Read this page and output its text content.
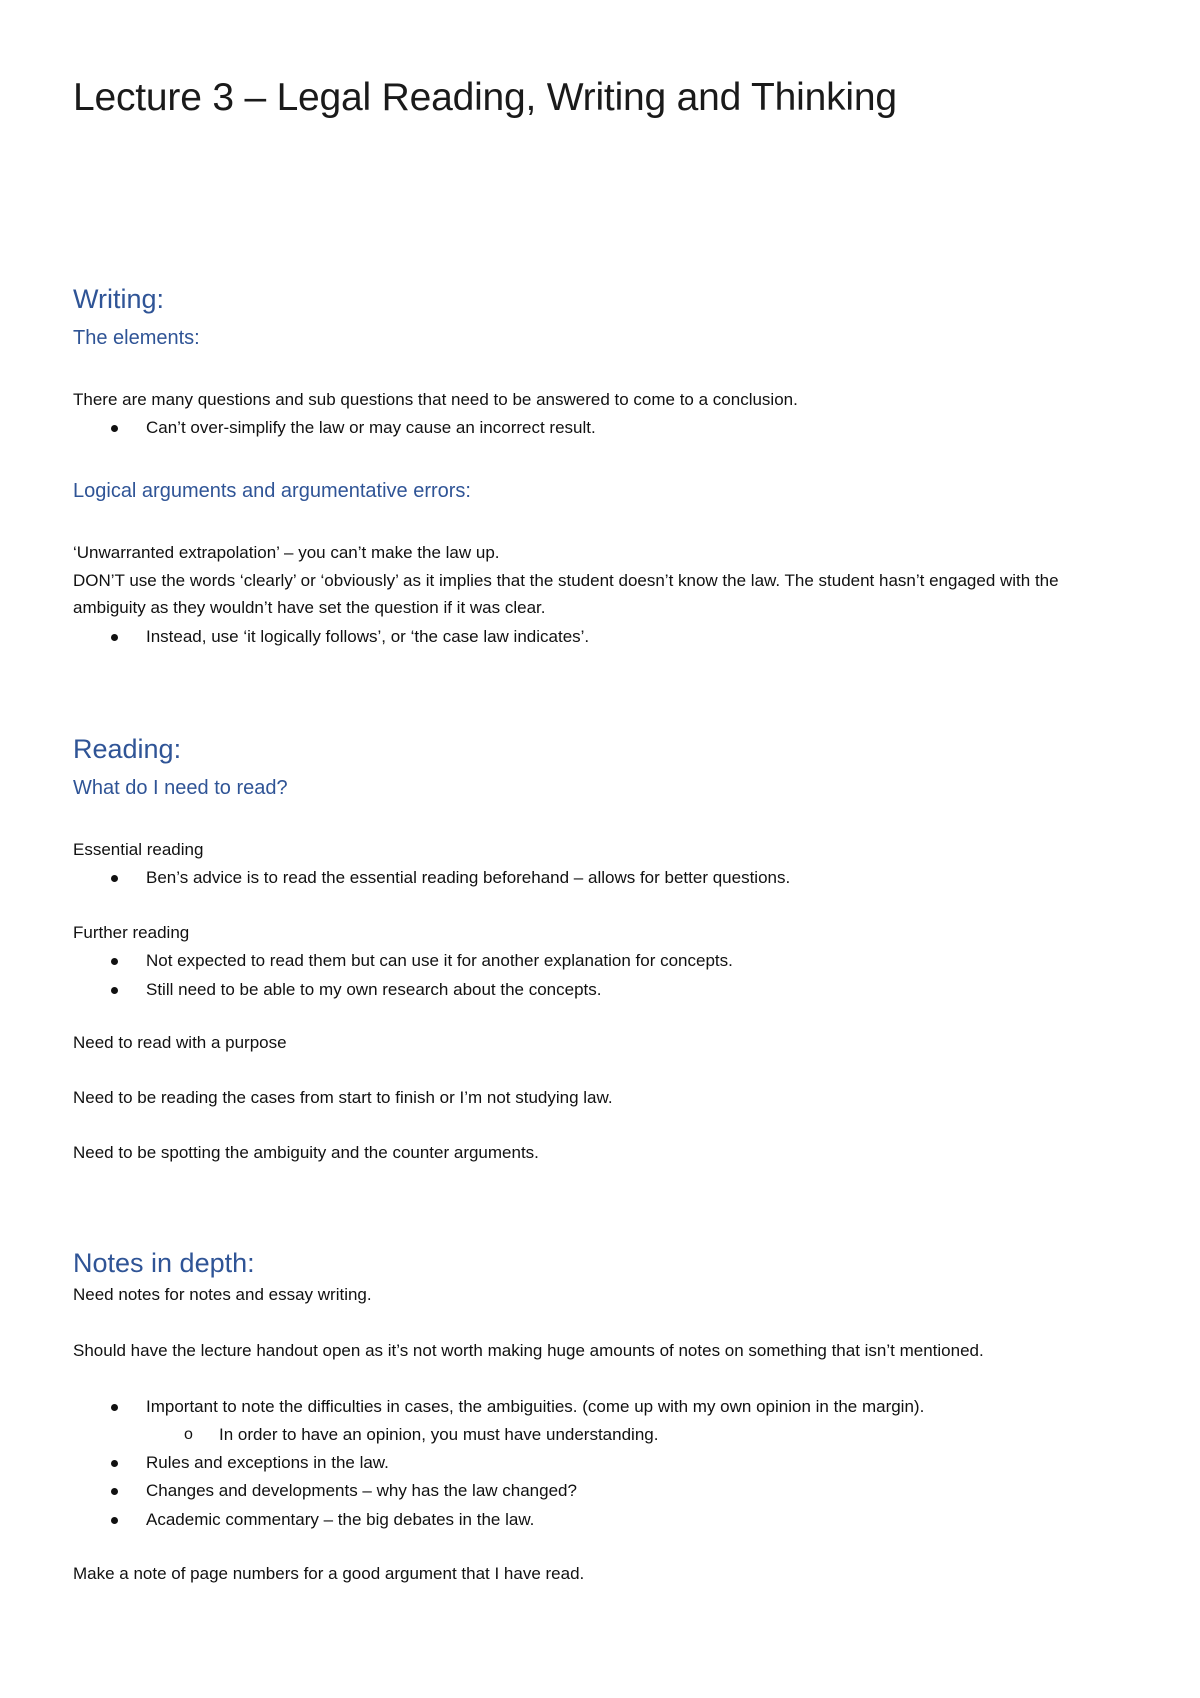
Lecture 3 – Legal Reading, Writing and Thinking
Writing:
The elements:

There are many questions and sub questions that need to be answered to come to a conclusion.

Can’t over-simplify the law or may cause an incorrect result.
Logical arguments and argumentative errors:

‘Unwarranted extrapolation’ – you can’t make the law up.

DON’T use the words ‘clearly’ or ‘obviously’ as it implies that the student doesn’t know the law. The student hasn’t engaged with the ambiguity as they wouldn’t have set the question if it was clear.

Instead, use ‘it logically follows’, or ‘the case law indicates’.
Reading:
What do I need to read?

Essential reading

Ben’s advice is to read the essential reading beforehand – allows for better questions.

Further reading

Not expected to read them but can use it for another explanation for concepts.
Still need to be able to my own research about the concepts.

Need to read with a purpose

Need to be reading the cases from start to finish or I’m not studying law.

Need to be spotting the ambiguity and the counter arguments.

Notes in depth:

Need notes for notes and essay writing.

Should have the lecture handout open as it’s not worth making huge amounts of notes on something that isn’t mentioned.

Important to note the difficulties in cases, the ambiguities. (come up with my own opinion in the margin).
o In order to have an opinion, you must have understanding.
Rules and exceptions in the law.
Changes and developments – why has the law changed?
Academic commentary – the big debates in the law.

Make a note of page numbers for a good argument that I have read.
